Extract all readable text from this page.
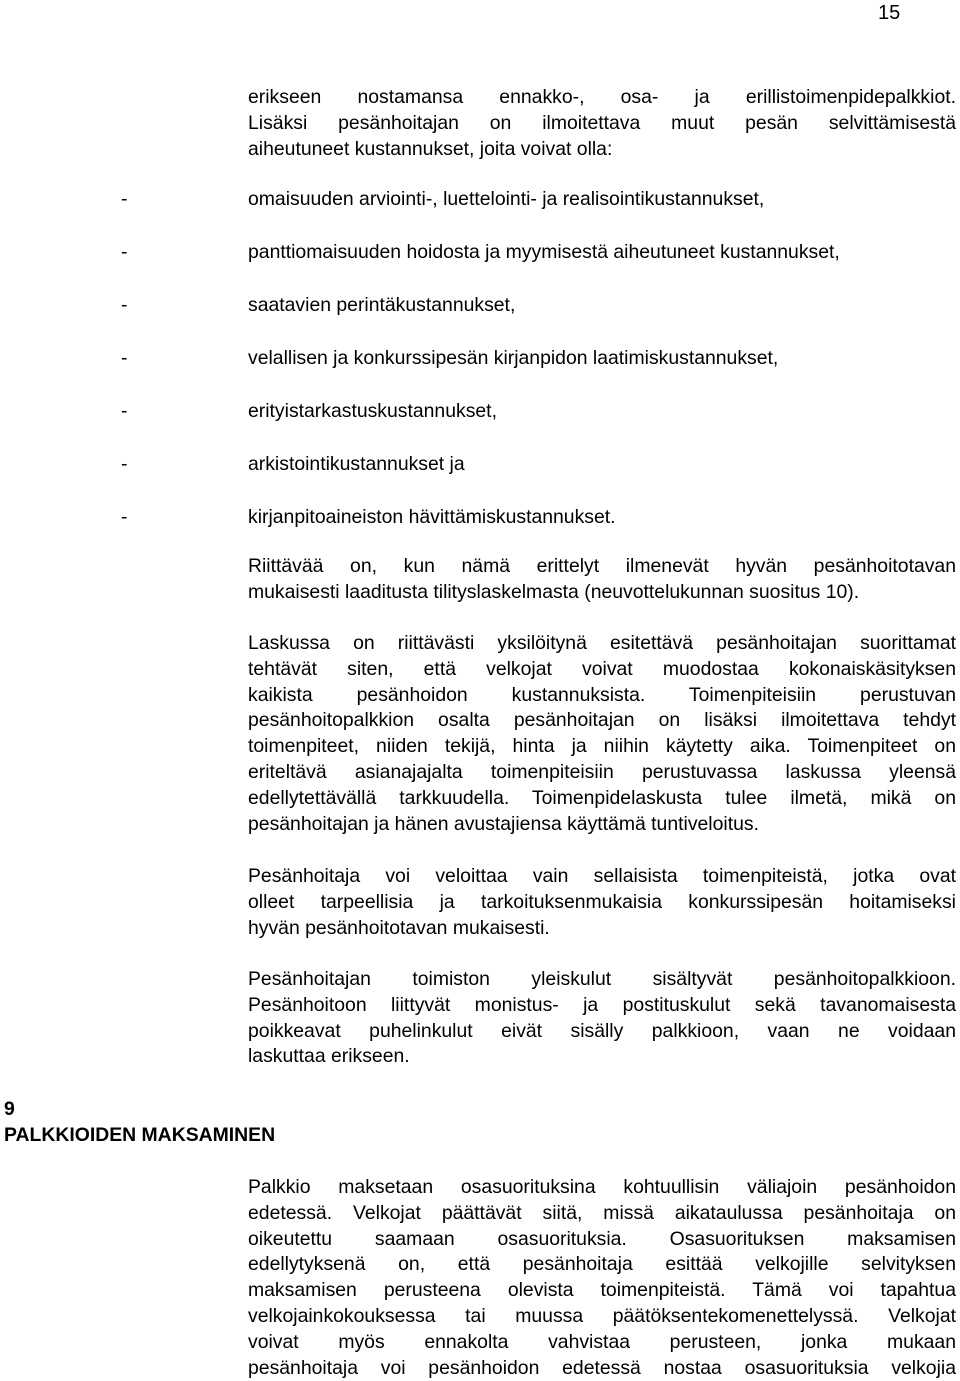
15
erikseen nostamansa ennakko-, osa- ja erillistoimenpidepalkkiot.
Lisäksi pesänhoitajan on ilmoitettava muut pesän selvittämisestä
aiheutuneet kustannukset, joita voivat olla:
-	omaisuuden arviointi-, luettelointi- ja realisointikustannukset,
-	panttiomaisuuden hoidosta ja myymisestä aiheutuneet kustannukset,
-	saatavien perintäkustannukset,
-	velallisen ja konkurssipesän kirjanpidon laatimiskustannukset,
-	erityistarkastuskustannukset,
-	arkistointikustannukset ja
-	kirjanpitoaineiston hävittämiskustannukset.
Riittävää on, kun nämä erittelyt ilmenevät hyvän pesänhoitotavan
mukaisesti laaditusta tilityslaskelmasta (neuvottelukunnan suositus 10).
Laskussa on riittävästi yksilöitynä esitettävä pesänhoitajan suorittamat
tehtävät siten, että velkojat voivat muodostaa kokonaiskäsityksen
kaikista pesänhoidon kustannuksista. Toimenpiteisiin perustuvan
pesänhoitopalkkion osalta pesänhoitajan on lisäksi ilmoitettava tehdyt
toimenpiteet, niiden tekijä, hinta ja niihin käytetty aika. Toimenpiteet on
eriteltävä asianajajalta toimenpiteisiin perustuvassa laskussa yleensä
edellytettävällä tarkkuudella. Toimenpidelaskusta tulee ilmetä, mikä on
pesänhoitajan ja hänen avustajiensa käyttämä tuntiveloitus.
Pesänhoitaja voi veloittaa vain sellaisista toimenpiteistä, jotka ovat
olleet tarpeellisia ja tarkoituksenmukaisia konkurssipesän hoitamiseksi
hyvän pesänhoitotavan mukaisesti.
Pesänhoitajan toimiston yleiskulut sisältyvät pesänhoitopalkkioon.
Pesänhoitoon liittyvät monistus- ja postituskulut sekä tavanomaisesta
poikkeavat puhelinkulut eivät sisälly palkkioon, vaan ne voidaan
laskuttaa erikseen.
9
PALKKIOIDEN MAKSAMINEN
Palkkio maksetaan osasuorituksina kohtuullisin väliajoin pesänhoidon
edetessä. Velkojat päättävät siitä, missä aikataulussa pesänhoitaja on
oikeutettu saamaan osasuorituksia. Osasuorituksen maksamisen
edellytyksenä on, että pesänhoitaja esittää velkojille selvityksen
maksamisen perusteena olevista toimenpiteistä. Tämä voi tapahtua
velkojainkokouksessa tai muussa päätöksentekomenettelyssä. Velkojat
voivat myös ennakolta vahvistaa perusteen, jonka mukaan
pesänhoitaja voi pesänhoidon edetessä nostaa osasuorituksia velkojia
